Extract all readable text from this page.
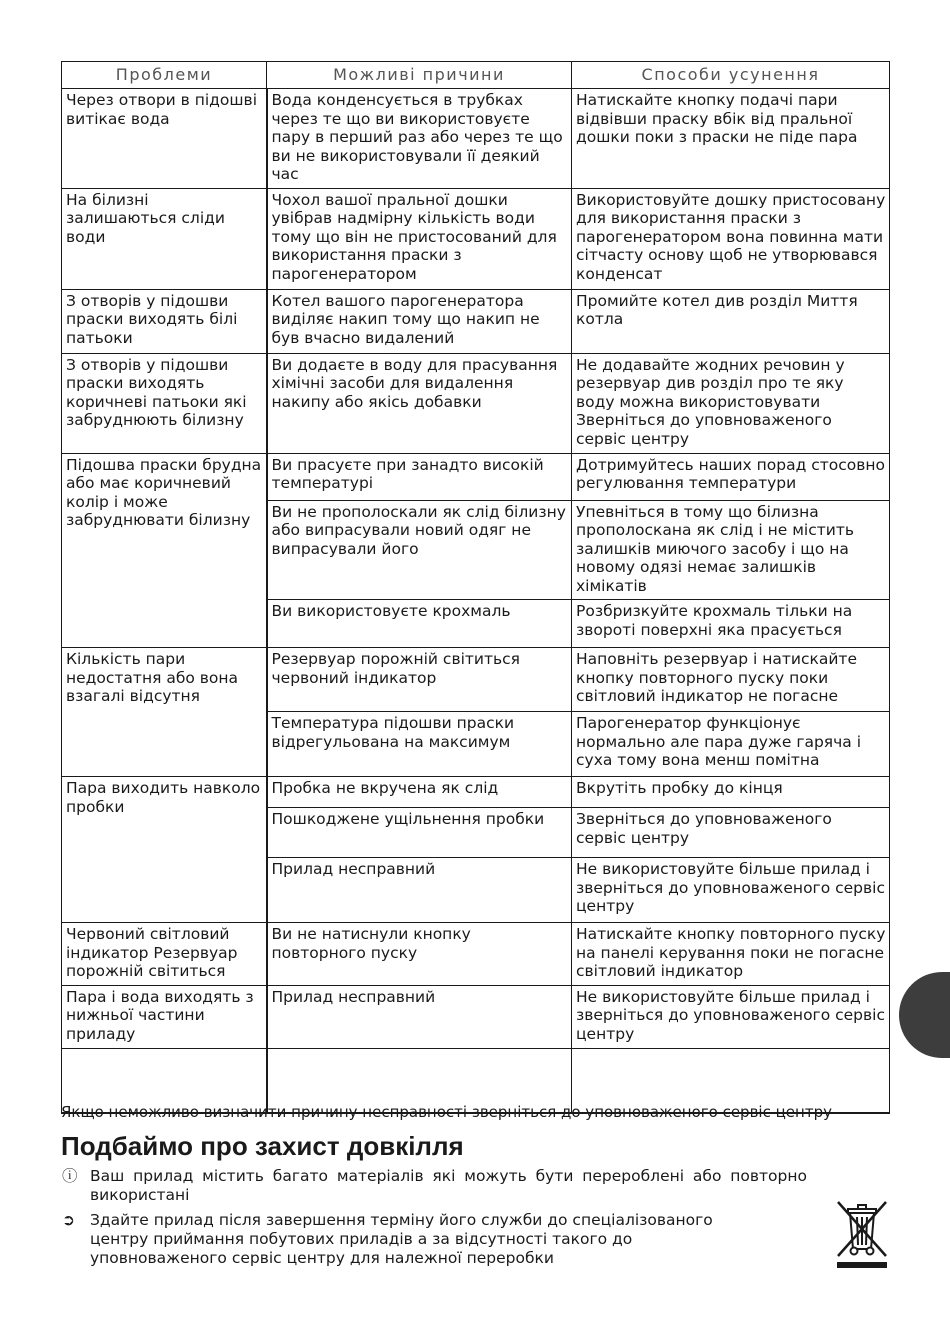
Проблеми	Можливі причини	Способи усунення
Через отвори в підошві витікає вода	Вода конденсується в трубках через те що ви використовуєте пару в перший раз або через те що ви не використовували її деякий час	Натискайте кнопку подачі пари відвівши праску вбік від пральної дошки поки з праски не піде пара
На білизні залишаються сліди води	Чохол вашої пральної дошки увібрав надмірну кількість води тому що він не пристосований для використання праски з парогенератором	Використовуйте дошку пристосовану для використання праски з парогенератором вона повинна мати сітчасту основу щоб не утворювався конденсат
З отворів у підошви праски виходять білі патьоки	Котел вашого парогенератора виділяє накип тому що накип не був вчасно видалений	Промийте котел див розділ Миття котла
З отворів у підошви праски виходять коричневі патьоки які забруднюють білизну	Ви додаєте в воду для прасування хімічні засоби для видалення накипу або якісь добавки	Не додавайте жодних речовин у резервуар див розділ про те яку воду можна використовувати Зверніться до уповноваженого сервіс центру
Підошва праски брудна або має коричневий колір і може забруднювати білизну	Ви прасуєте при занадто високій температурі	Дотримуйтесь наших порад стосовно регулювання температури
	Ви не прополоскали як слід білизну або випрасували новий одяг не випрасували його	Упевніться в тому що білизна прополоскана як слід і не містить залишків миючого засобу і що на новому одязі немає залишків хімікатів
	Ви використовуєте крохмаль	Розбризкуйте крохмаль тільки на звороті поверхні яка прасується
Кількість пари недостатня або вона взагалі відсутня	Резервуар порожній світиться червоний індикатор	Наповніть резервуар і натискайте кнопку повторного пуску поки світловий індикатор не погасне
	Температура підошви праски відрегульована на максимум	Парогенератор функціонує нормально але пара дуже гаряча і суха тому вона менш помітна
Пара виходить навколо пробки	Пробка не вкручена як слід	Вкрутіть пробку до кінця
	Пошкоджене ущільнення пробки	Зверніться до уповноваженого сервіс центру
	Прилад несправний	Не використовуйте більше прилад і зверніться до уповноваженого сервіс центру
Червоний світловий індикатор Резервуар порожній світиться	Ви не натиснули кнопку повторного пуску	Натискайте кнопку повторного пуску на панелі керування поки не погасне світловий індикатор
Пара і вода виходять з нижньої частини приладу	Прилад несправний	Не використовуйте більше прилад і зверніться до уповноваженого сервіс центру

Якщо неможливо визначити причину несправності зверніться до уповноваженого сервіс центру
Подбаймо про захист довкілля
ⓘ Ваш прилад містить багато матеріалів які можуть бути перероблені або повторно використані
➲ Здайте прилад після завершення терміну його служби до спеціалізованого центру приймання побутових приладів а за відсутності такого до уповноваженого сервіс центру для належної переробки
